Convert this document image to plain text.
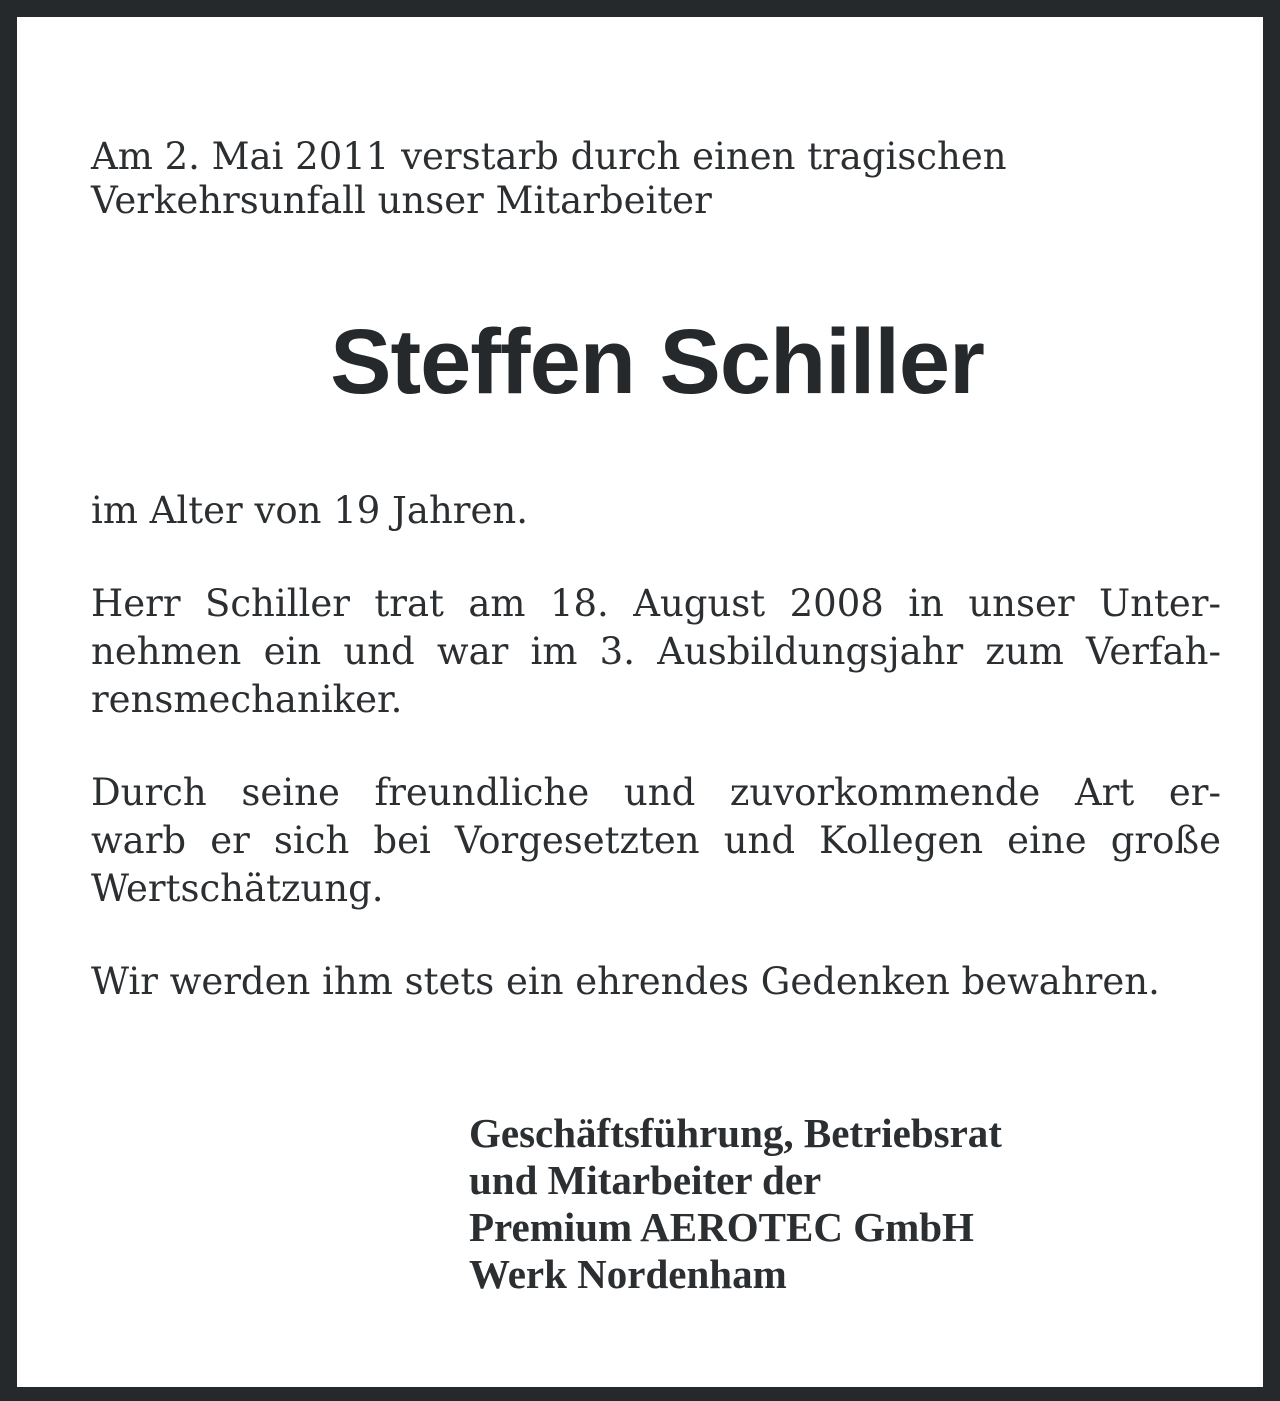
Am 2. Mai 2011 verstarb durch einen tragischen

Verkehrsunfall unser Mitarbeiter

Steffen Schiller

im Alter von 19 Jahren.

Herr Schiller trat am 18. August 2008 in unser Unter-

nehmen ein und war im 3. Ausbildungsjahr zum Verfah-

rensmechaniker.

Durch seine freundliche und zuvorkommende Art er-

warb er sich bei Vorgesetzten und Kollegen eine große

Wertschätzung.

Wir werden ihm stets ein ehrendes Gedenken bewahren.

Geschäftsführung, Betriebsrat

und Mitarbeiter der

Premium AEROTEC GmbH

Werk Nordenham
